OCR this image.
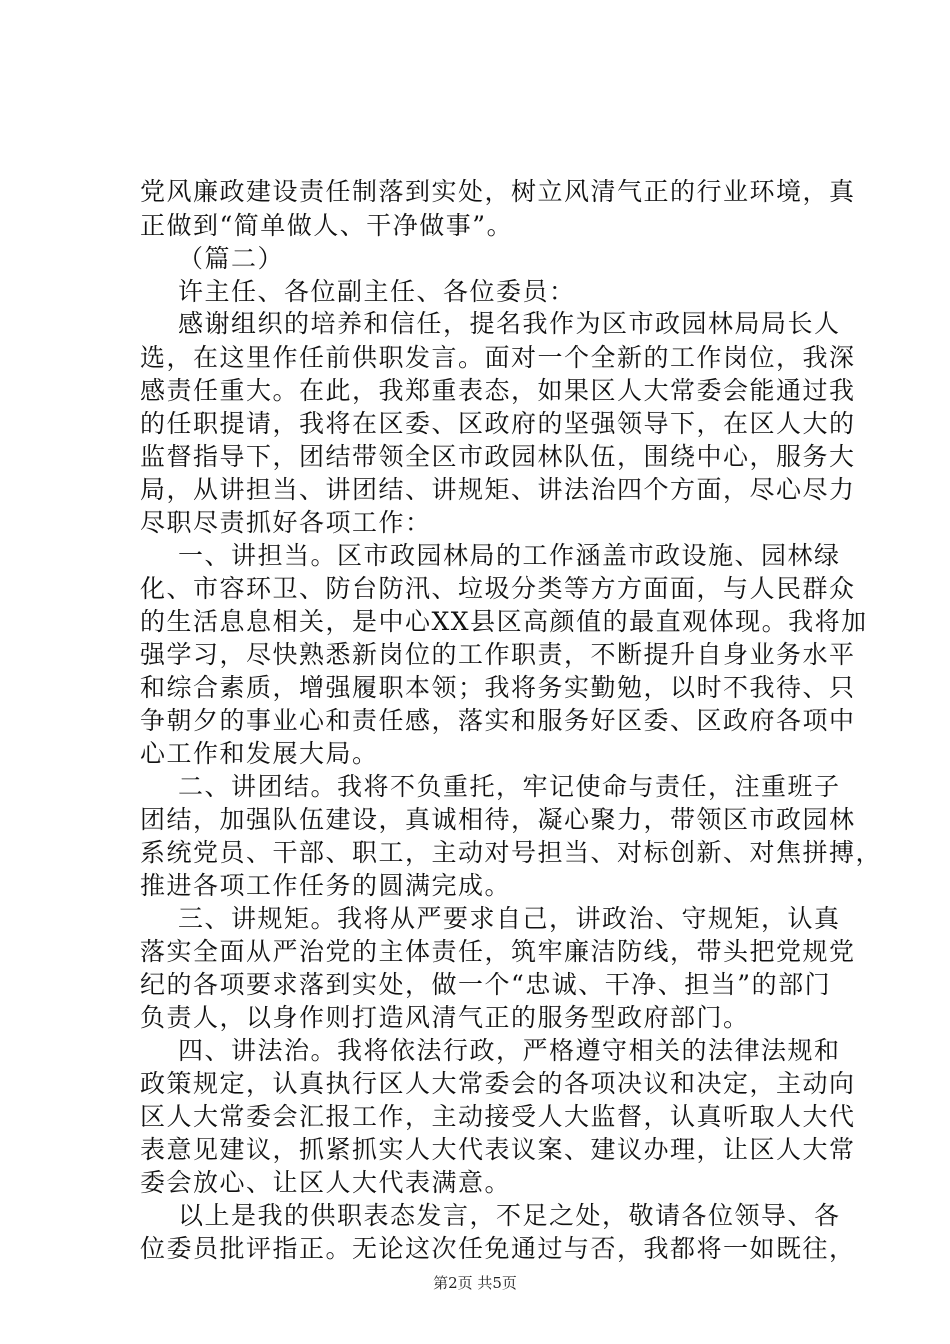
党风廉政建设责任制落到实处，树立风清气正的行业环境，真
正做到“简单做人、干净做事”。
（篇二）
许主任、各位副主任、各位委员：
感谢组织的培养和信任，提名我作为区市政园林局局长人
选，在这里作任前供职发言。面对一个全新的工作岗位，我深
感责任重大。在此，我郑重表态，如果区人大常委会能通过我
的任职提请，我将在区委、区政府的坚强领导下，在区人大的
监督指导下，团结带领全区市政园林队伍，围绕中心，服务大
局，从讲担当、讲团结、讲规矩、讲法治四个方面，尽心尽力
尽职尽责抓好各项工作：
一、讲担当。区市政园林局的工作涵盖市政设施、园林绿
化、市容环卫、防台防汛、垃圾分类等方方面面，与人民群众
的生活息息相关，是中心XX县区高颜值的最直观体现。我将加
强学习，尽快熟悉新岗位的工作职责，不断提升自身业务水平
和综合素质，增强履职本领；我将务实勤勉，以时不我待、只
争朝夕的事业心和责任感，落实和服务好区委、区政府各项中
心工作和发展大局。
二、讲团结。我将不负重托，牢记使命与责任，注重班子
团结，加强队伍建设，真诚相待，凝心聚力，带领区市政园林
系统党员、干部、职工，主动对号担当、对标创新、对焦拼搏，
推进各项工作任务的圆满完成。
三、讲规矩。我将从严要求自己，讲政治、守规矩，认真
落实全面从严治党的主体责任，筑牢廉洁防线，带头把党规党
纪的各项要求落到实处，做一个“忠诚、干净、担当”的部门
负责人，以身作则打造风清气正的服务型政府部门。
四、讲法治。我将依法行政，严格遵守相关的法律法规和
政策规定，认真执行区人大常委会的各项决议和决定，主动向
区人大常委会汇报工作，主动接受人大监督，认真听取人大代
表意见建议，抓紧抓实人大代表议案、建议办理，让区人大常
委会放心、让区人大代表满意。
以上是我的供职表态发言，不足之处，敬请各位领导、各
位委员批评指正。无论这次任免通过与否，我都将一如既往，
第2页 共5页
